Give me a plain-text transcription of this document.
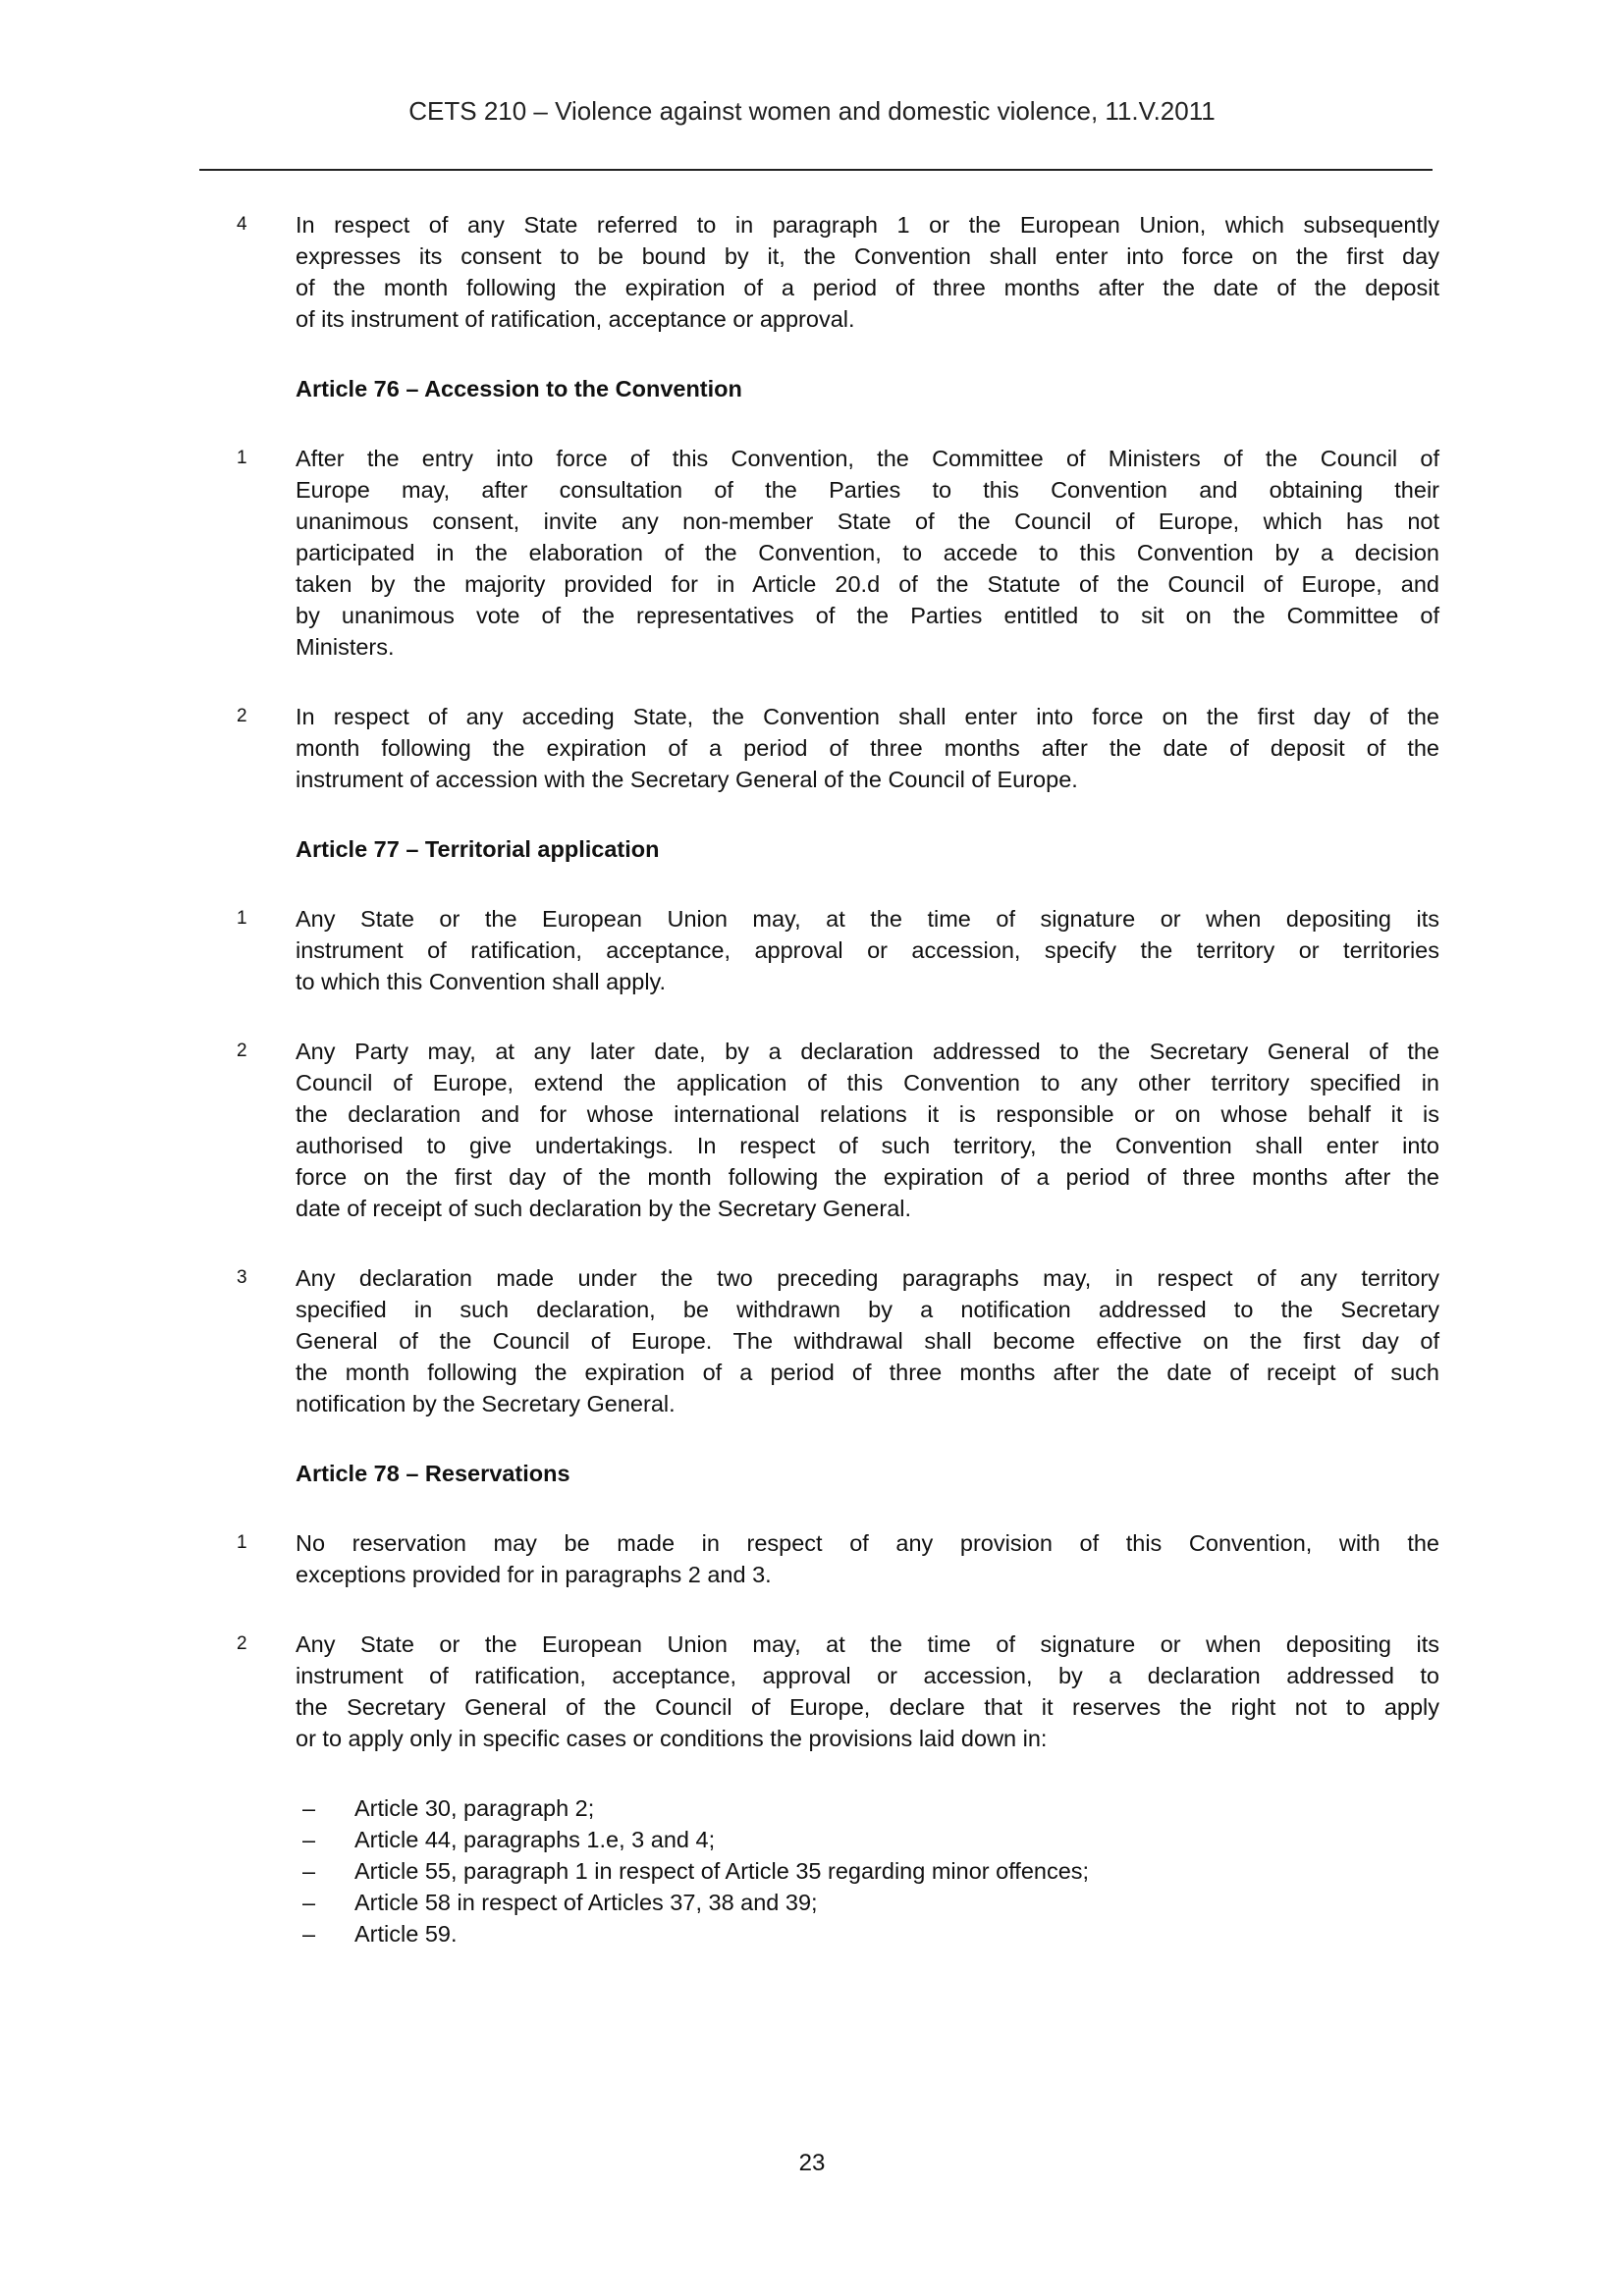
CETS 210 – Violence against women and domestic violence, 11.V.2011
4 In respect of any State referred to in paragraph 1 or the European Union, which subsequently
expresses its consent to be bound by it, the Convention shall enter into force on the first day
of the month following the expiration of a period of three months after the date of the deposit
of its instrument of ratification, acceptance or approval.
Article 76 – Accession to the Convention
1 After the entry into force of this Convention, the Committee of Ministers of the Council of
Europe may, after consultation of the Parties to this Convention and obtaining their
unanimous consent, invite any non-member State of the Council of Europe, which has not
participated in the elaboration of the Convention, to accede to this Convention by a decision
taken by the majority provided for in Article 20.d of the Statute of the Council of Europe, and
by unanimous vote of the representatives of the Parties entitled to sit on the Committee of
Ministers.
2 In respect of any acceding State, the Convention shall enter into force on the first day of the
month following the expiration of a period of three months after the date of deposit of the
instrument of accession with the Secretary General of the Council of Europe.
Article 77 – Territorial application
1 Any State or the European Union may, at the time of signature or when depositing its
instrument of ratification, acceptance, approval or accession, specify the territory or territories
to which this Convention shall apply.
2 Any Party may, at any later date, by a declaration addressed to the Secretary General of the
Council of Europe, extend the application of this Convention to any other territory specified in
the declaration and for whose international relations it is responsible or on whose behalf it is
authorised to give undertakings. In respect of such territory, the Convention shall enter into
force on the first day of the month following the expiration of a period of three months after the
date of receipt of such declaration by the Secretary General.
3 Any declaration made under the two preceding paragraphs may, in respect of any territory
specified in such declaration, be withdrawn by a notification addressed to the Secretary
General of the Council of Europe. The withdrawal shall become effective on the first day of
the month following the expiration of a period of three months after the date of receipt of such
notification by the Secretary General.
Article 78 – Reservations
1 No reservation may be made in respect of any provision of this Convention, with the
exceptions provided for in paragraphs 2 and 3.
2 Any State or the European Union may, at the time of signature or when depositing its
instrument of ratification, acceptance, approval or accession, by a declaration addressed to
the Secretary General of the Council of Europe, declare that it reserves the right not to apply
or to apply only in specific cases or conditions the provisions laid down in:
– Article 30, paragraph 2;
– Article 44, paragraphs 1.e, 3 and 4;
– Article 55, paragraph 1 in respect of Article 35 regarding minor offences;
– Article 58 in respect of Articles 37, 38 and 39;
– Article 59.
23
